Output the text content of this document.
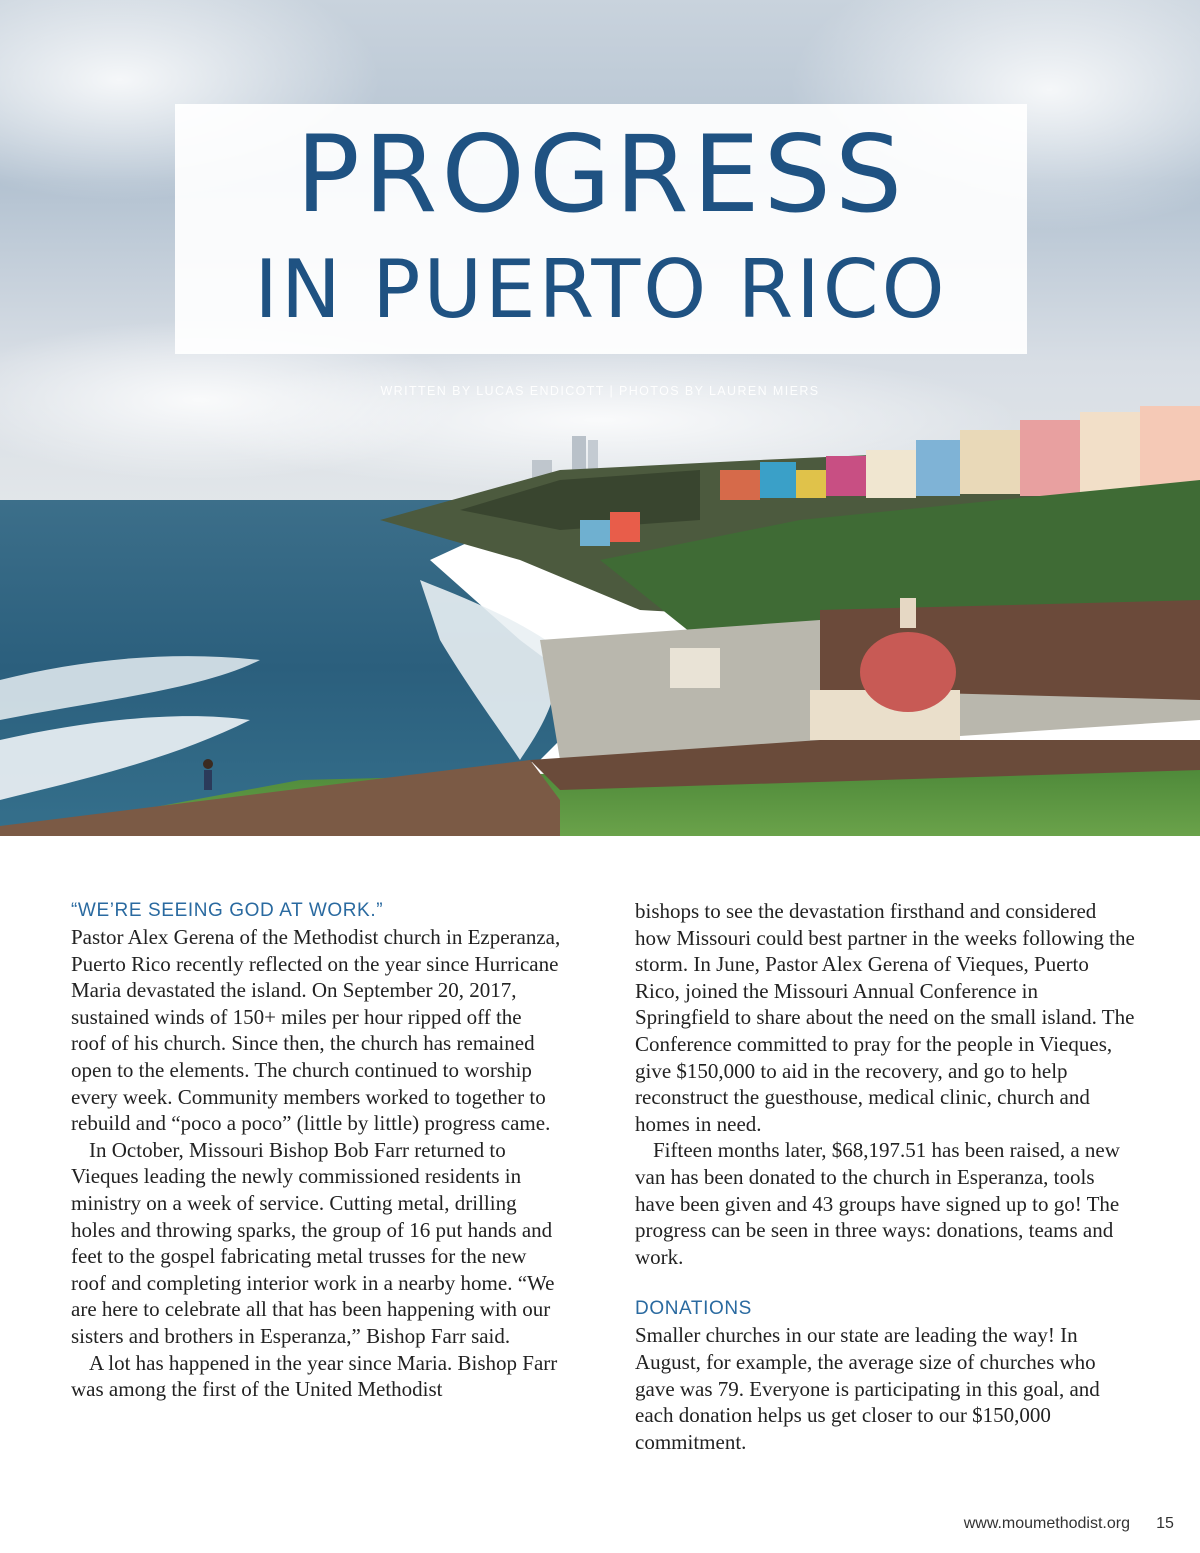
PROGRESS
IN PUERTO RICO
WRITTEN BY LUCAS ENDICOTT | PHOTOS BY LAUREN MIERS

“WE’RE SEEING GOD AT WORK.”

Pastor Alex Gerena of the Methodist church in Ezperanza, Puerto Rico recently reflected on the year since Hurricane Maria devastated the island. On September 20, 2017, sustained winds of 150+ miles per hour ripped off the roof of his church. Since then, the church has remained open to the elements. The church continued to worship every week. Community members worked to together to rebuild and “poco a poco” (little by little) progress came.

In October, Missouri Bishop Bob Farr returned to Vieques leading the newly commissioned residents in ministry on a week of service. Cutting metal, drilling holes and throwing sparks, the group of 16 put hands and feet to the gospel fabricating metal trusses for the new roof and completing interior work in a nearby home. “We are here to celebrate all that has been happening with our sisters and brothers in Esperanza,” Bishop Farr said.

A lot has happened in the year since Maria. Bishop Farr was among the first of the United Methodist

bishops to see the devastation firsthand and considered how Missouri could best partner in the weeks following the storm. In June, Pastor Alex Gerena of Vieques, Puerto Rico, joined the Missouri Annual Conference in Springfield to share about the need on the small island. The Conference committed to pray for the people in Vieques, give $150,000 to aid in the recovery, and go to help reconstruct the guesthouse, medical clinic, church and homes in need.

Fifteen months later, $68,197.51 has been raised, a new van has been donated to the church in Esperanza, tools have been given and 43 groups have signed up to go! The progress can be seen in three ways: donations, teams and work.

DONATIONS

Smaller churches in our state are leading the way! In August, for example, the average size of churches who gave was 79. Everyone is participating in this goal, and each donation helps us get closer to our $150,000 commitment.

www.moumethodist.org	15
